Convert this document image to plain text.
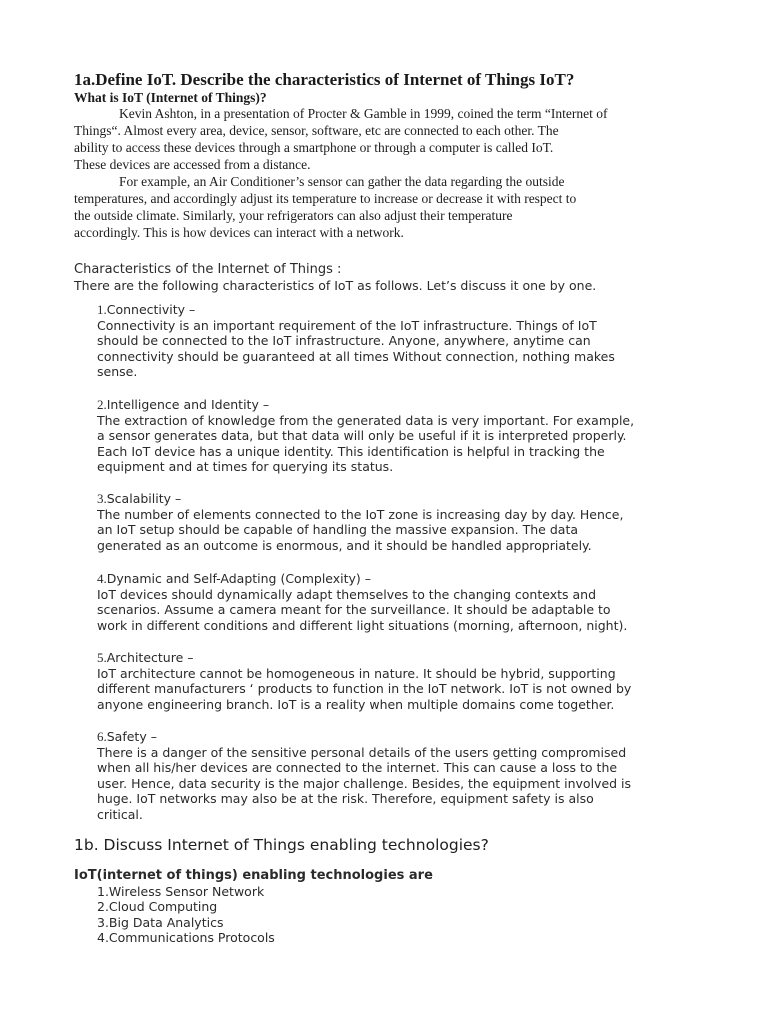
1a.Define IoT. Describe the characteristics of Internet of Things IoT?
What is IoT (Internet of Things)?
Kevin Ashton, in a presentation of Procter & Gamble in 1999, coined the term “Internet of
Things“. Almost every area, device, sensor, software, etc are connected to each other. The
ability to access these devices through a smartphone or through a computer is called IoT.
These devices are accessed from a distance.
For example, an Air Conditioner’s sensor can gather the data regarding the outside
temperatures, and accordingly adjust its temperature to increase or decrease it with respect to
the outside climate. Similarly, your refrigerators can also adjust their temperature
accordingly. This is how devices can interact with a network.
Characteristics of the Internet of Things :
There are the following characteristics of IoT as follows. Let’s discuss it one by one.
1.Connectivity –
Connectivity is an important requirement of the IoT infrastructure. Things of IoT
should be connected to the IoT infrastructure. Anyone, anywhere, anytime can
connectivity should be guaranteed at all times Without connection, nothing makes
sense.
2.Intelligence and Identity –
The extraction of knowledge from the generated data is very important. For example,
a sensor generates data, but that data will only be useful if it is interpreted properly.
Each IoT device has a unique identity. This identification is helpful in tracking the
equipment and at times for querying its status.
3.Scalability –
The number of elements connected to the IoT zone is increasing day by day. Hence,
an IoT setup should be capable of handling the massive expansion. The data
generated as an outcome is enormous, and it should be handled appropriately.
4.Dynamic and Self-Adapting (Complexity) –
IoT devices should dynamically adapt themselves to the changing contexts and
scenarios. Assume a camera meant for the surveillance. It should be adaptable to
work in different conditions and different light situations (morning, afternoon, night).
5.Architecture –
IoT architecture cannot be homogeneous in nature. It should be hybrid, supporting
different manufacturers ‘ products to function in the IoT network. IoT is not owned by
anyone engineering branch. IoT is a reality when multiple domains come together.
6.Safety –
There is a danger of the sensitive personal details of the users getting compromised
when all his/her devices are connected to the internet. This can cause a loss to the
user. Hence, data security is the major challenge. Besides, the equipment involved is
huge. IoT networks may also be at the risk. Therefore, equipment safety is also
critical.
1b. Discuss Internet of Things enabling technologies?
IoT(internet of things) enabling technologies are
1.Wireless Sensor Network
2.Cloud Computing
3.Big Data Analytics
4.Communications Protocols
